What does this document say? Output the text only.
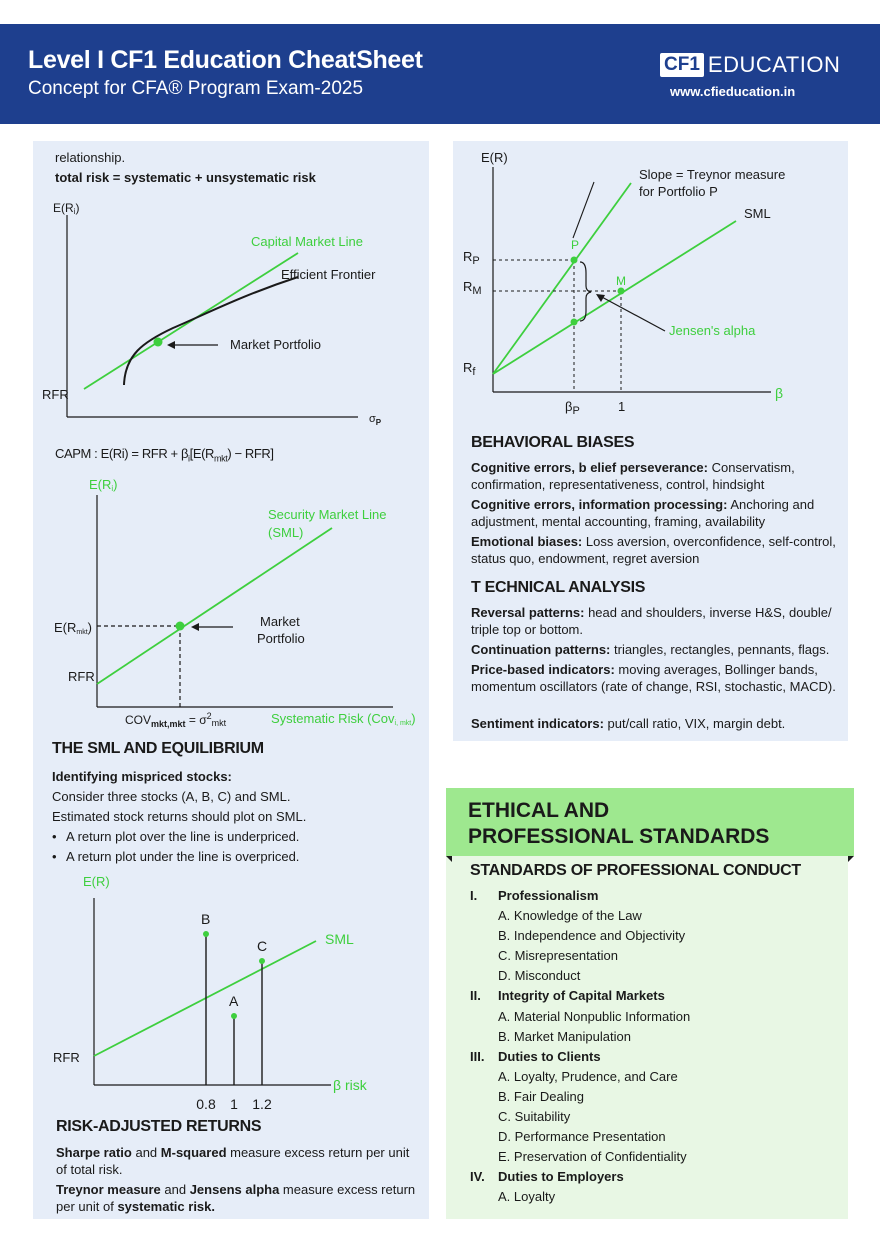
Level I CF1 Education CheatSheet
Concept for CFA® Program Exam-2025
CF1 EDUCATION
www.cfieducation.in
relationship.
total risk = systematic + unsystematic risk
E(Ri)
$\sigma_P$
RFR
Capital Market Line
Efficient Frontier
Market Portfolio
CAPM : E(Ri) = RFR + $\beta_i[E(R_{mkt}) - RFR]$
E(Ri)
Security Market Line
(SML)
E(Rmkt)
RFR
Market
Portfolio
$COV_{mkt,mkt} = \sigma^2_{mkt}$	Systematic Risk (Covi, mkt)
THE SML AND EQUILIBRIUM
Identifying mispriced stocks:
Consider three stocks (A, B, C) and SML.
Estimated stock returns should plot on SML.
• A return plot over the line is underpriced.
• A return plot under the line is overpriced.
B
A
C
0.8 1 1.2
E(R)
RFR
SML
β risk
RISK-ADJUSTED RETURNS
Sharpe ratio and M-squared measure excess return per unit of total risk.
Treynor measure and Jensens alpha measure excess return per unit of systematic risk.
E(R)
Slope = Treynor measure
for Portfolio P
SML
$R_P$
$R_M$
$R_f$
P
M
Jensen's alpha
$\beta_P$	1
β
BEHAVIORAL BIASES
Cognitive errors, b elief perseverance: Conservatism, confirmation, representativeness, control, hindsight
Cognitive errors, information processing: Anchoring and adjustment, mental accounting, framing, availability
Emotional biases: Loss aversion, overconfidence, self-control, status quo, endowment, regret aversion
T ECHNICAL ANALYSIS
Reversal patterns: head and shoulders, inverse H&S, double/ triple top or bottom.
Continuation patterns: triangles, rectangles, pennants, flags.
Price-based indicators: moving averages, Bollinger bands, momentum oscillators (rate of change, RSI, stochastic, MACD).
Sentiment indicators: put/call ratio, VIX, margin debt.
ETHICAL AND
PROFESSIONAL STANDARDS
STANDARDS OF PROFESSIONAL CONDUCT
I. Professionalism
A. Knowledge of the Law
B. Independence and Objectivity
C. Misrepresentation
D. Misconduct
II. Integrity of Capital Markets
A. Material Nonpublic Information
B. Market Manipulation
III. Duties to Clients
A. Loyalty, Prudence, and Care
B. Fair Dealing
C. Suitability
D. Performance Presentation
E. Preservation of Confidentiality
IV. Duties to Employers
A. Loyalty
